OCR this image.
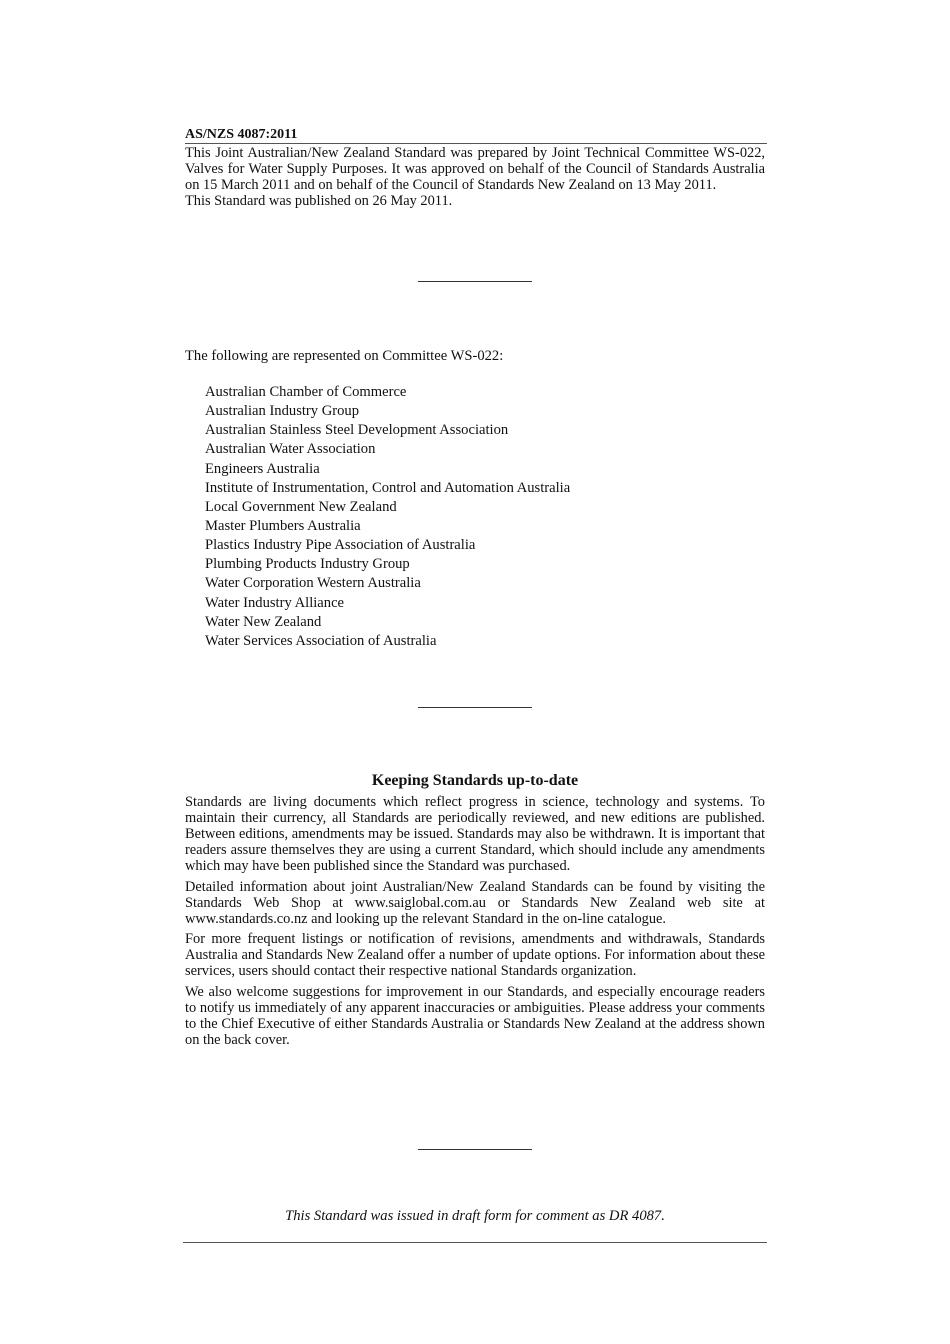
AS/NZS 4087:2011

This Joint Australian/New Zealand Standard was prepared by Joint Technical Committee WS-022, Valves for Water Supply Purposes. It was approved on behalf of the Council of Standards Australia on 15 March 2011 and on behalf of the Council of Standards New Zealand on 13 May 2011.

This Standard was published on 26 May 2011.

The following are represented on Committee WS-022:
Australian Chamber of Commerce
Australian Industry Group
Australian Stainless Steel Development Association
Australian Water Association
Engineers Australia
Institute of Instrumentation, Control and Automation Australia
Local Government New Zealand
Master Plumbers Australia
Plastics Industry Pipe Association of Australia
Plumbing Products Industry Group
Water Corporation Western Australia
Water Industry Alliance
Water New Zealand
Water Services Association of Australia
Keeping Standards up-to-date

Standards are living documents which reflect progress in science, technology and systems. To maintain their currency, all Standards are periodically reviewed, and new editions are published. Between editions, amendments may be issued. Standards may also be withdrawn. It is important that readers assure themselves they are using a current Standard, which should include any amendments which may have been published since the Standard was purchased.

Detailed information about joint Australian/New Zealand Standards can be found by visiting the Standards Web Shop at www.saiglobal.com.au or Standards New Zealand web site at www.standards.co.nz and looking up the relevant Standard in the on-line catalogue.

For more frequent listings or notification of revisions, amendments and withdrawals, Standards Australia and Standards New Zealand offer a number of update options. For information about these services, users should contact their respective national Standards organization.

We also welcome suggestions for improvement in our Standards, and especially encourage readers to notify us immediately of any apparent inaccuracies or ambiguities. Please address your comments to the Chief Executive of either Standards Australia or Standards New Zealand at the address shown on the back cover.

This Standard was issued in draft form for comment as DR 4087.
